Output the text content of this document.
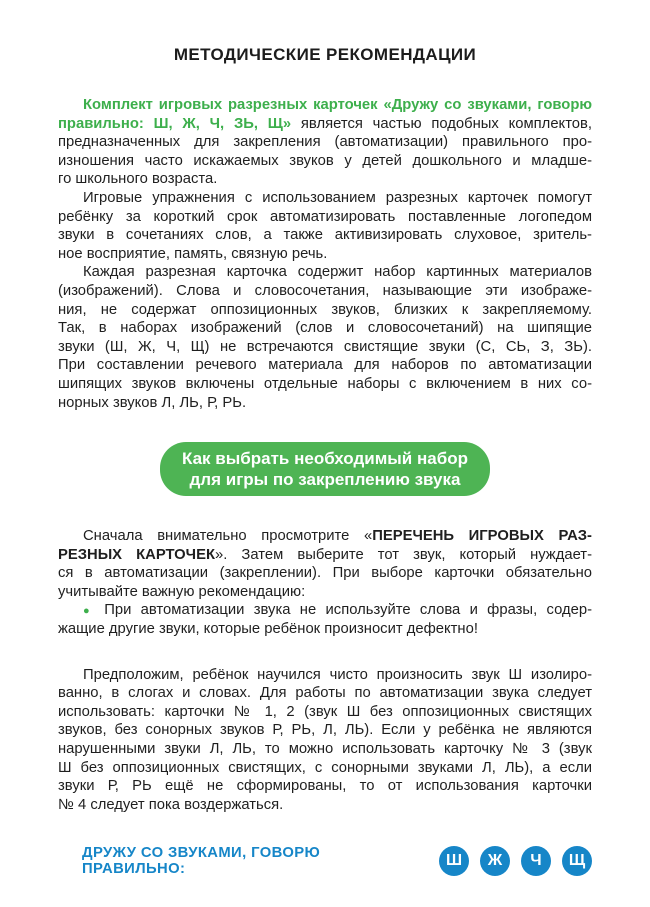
МЕТОДИЧЕСКИЕ РЕКОМЕНДАЦИИ
Комплект игровых разрезных карточек «Дружу со звуками, говорю
правильно: Ш, Ж, Ч, ЗЬ, Щ» является частью подобных комплектов,
предназначенных для закрепления (автоматизации) правильного про-
изношения часто искажаемых звуков у детей дошкольного и младше-
го школьного возраста.
Игровые упражнения с использованием разрезных карточек помогут
ребёнку за короткий срок автоматизировать поставленные логопедом
звуки в сочетаниях слов, а также активизировать слуховое, зритель-
ное восприятие, память, связную речь.
Каждая разрезная карточка содержит набор картинных материалов
(изображений). Слова и словосочетания, называющие эти изображе-
ния, не содержат оппозиционных звуков, близких к закрепляемому.
Так, в наборах изображений (слов и словосочетаний) на шипящие
звуки (Ш, Ж, Ч, Щ) не встречаются свистящие звуки (С, СЬ, З, ЗЬ).
При составлении речевого материала для наборов по автоматизации
шипящих звуков включены отдельные наборы с включением в них со-
норных звуков Л, ЛЬ, Р, РЬ.
Как выбрать необходимый набор
для игры по закреплению звука
Сначала внимательно просмотрите «ПЕРЕЧЕНЬ ИГРОВЫХ РАЗ-
РЕЗНЫХ КАРТОЧЕК». Затем выберите тот звук, который нуждает-
ся в автоматизации (закреплении). При выборе карточки обязательно
учитывайте важную рекомендацию:
● При автоматизации звука не используйте слова и фразы, содер-
жащие другие звуки, которые ребёнок произносит дефектно!
Предположим, ребёнок научился чисто произносить звук Ш изолиро-
ванно, в слогах и словах. Для работы по автоматизации звука следует
использовать: карточки № 1, 2 (звук Ш без оппозиционных свистящих
звуков, без сонорных звуков Р, РЬ, Л, ЛЬ). Если у ребёнка не являются
нарушенными звуки Л, ЛЬ, то можно использовать карточку № 3 (звук
Ш без оппозиционных свистящих, с сонорными звуками Л, ЛЬ), а если
звуки Р, РЬ ещё не сформированы, то от использования карточки
№ 4 следует пока воздержаться.
ДРУЖУ СО ЗВУКАМИ, ГОВОРЮ ПРАВИЛЬНО:	Ш	Ж	Ч	Щ
